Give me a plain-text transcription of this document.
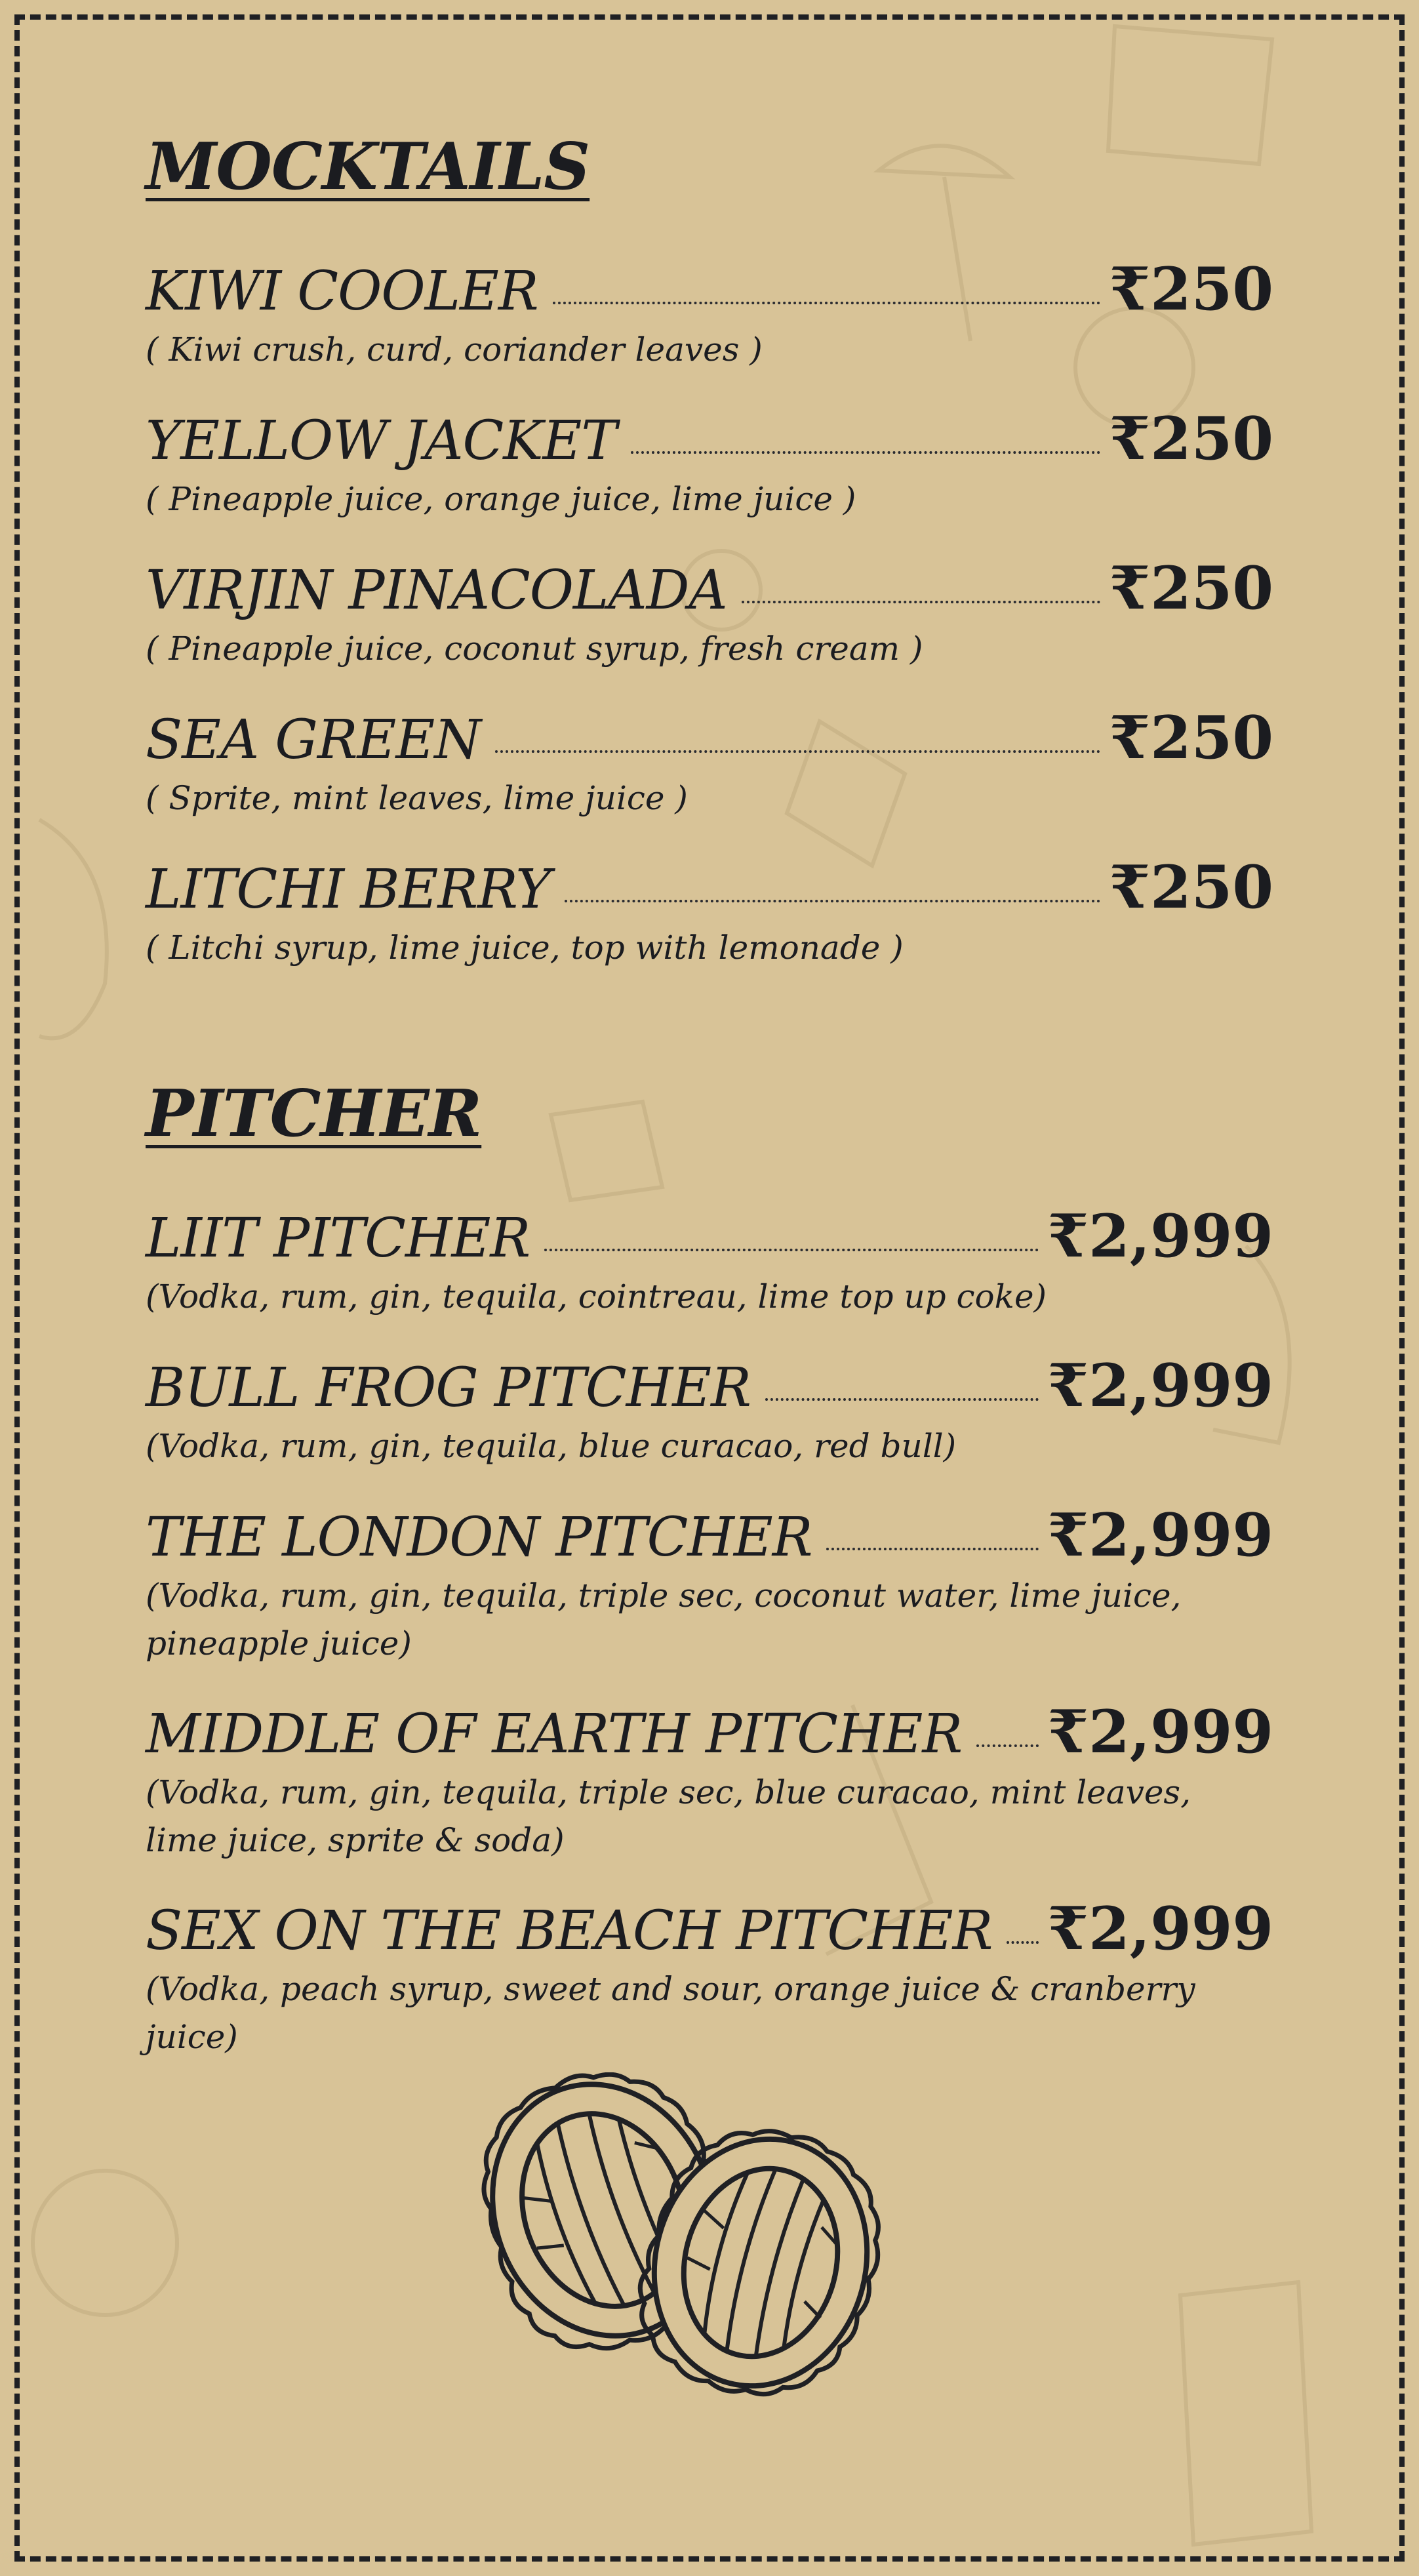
MOCKTAILS
KIWI COOLER	₹250
( Kiwi crush, curd, coriander leaves )
YELLOW JACKET	₹250
( Pineapple juice, orange juice, lime juice )
VIRJIN PINACOLADA	₹250
( Pineapple juice, coconut syrup, fresh cream )
SEA GREEN	₹250
( Sprite, mint leaves, lime juice )
LITCHI BERRY	₹250
( Litchi syrup, lime juice, top with lemonade )
PITCHER
LIIT PITCHER	₹2,999
(Vodka, rum, gin, tequila, cointreau, lime top up coke)
BULL FROG PITCHER	₹2,999
(Vodka, rum, gin, tequila, blue curacao, red bull)
THE LONDON PITCHER	₹2,999
(Vodka, rum, gin, tequila, triple sec, coconut water, lime juice,
pineapple juice)
MIDDLE OF EARTH PITCHER ₹2,999
(Vodka, rum, gin, tequila, triple sec, blue curacao, mint leaves,
lime juice, sprite & soda)
SEX ON THE BEACH PITCHER ₹2,999
(Vodka, peach syrup, sweet and sour, orange juice & cranberry juice)
